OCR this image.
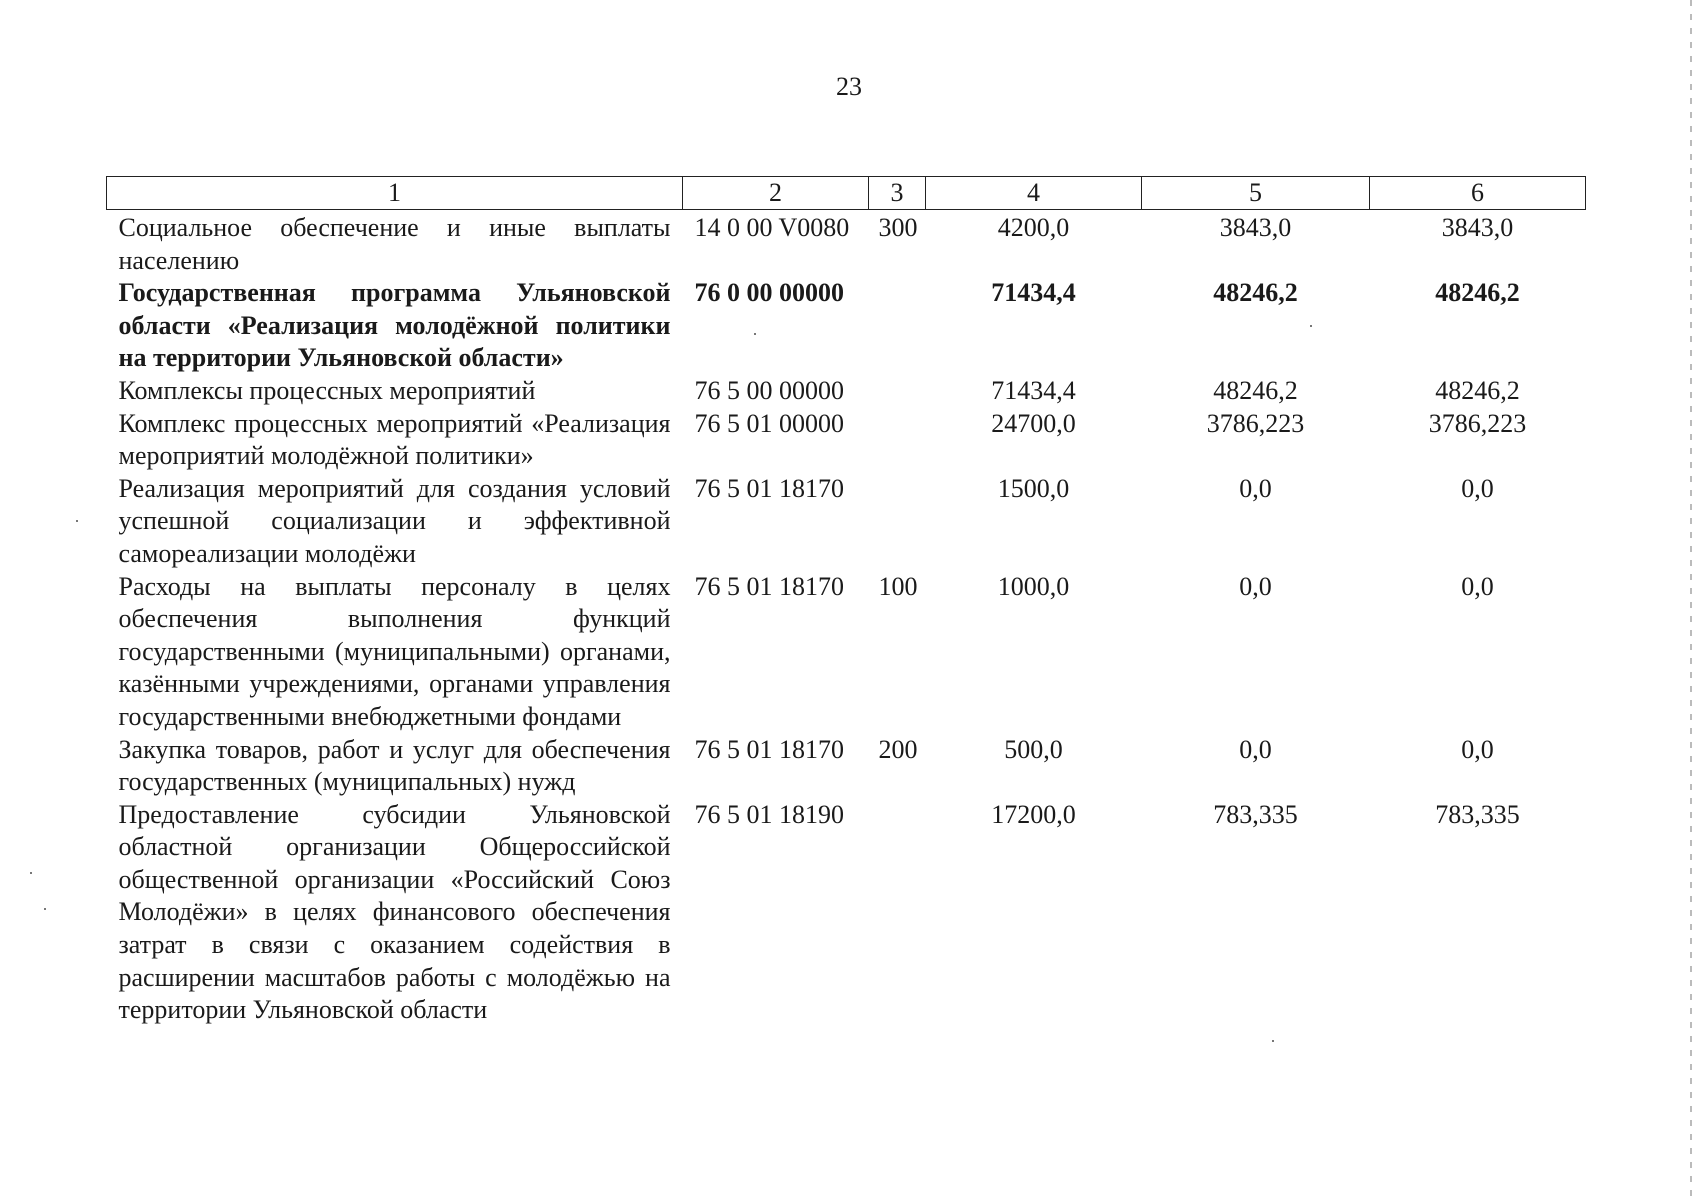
23
1	2	3	4	5	6
Социальное обеспечение и иные выплаты населению	14 0 00 V0080	300	4200,0	3843,0	3843,0
Государственная программа Ульяновской области «Реализация молодёжной политики на территории Ульяновской области»	76 0 00 00000		71434,4	48246,2	48246,2
Комплексы процессных мероприятий	76 5 00 00000		71434,4	48246,2	48246,2
Комплекс процессных мероприятий «Реализация мероприятий молодёжной политики»	76 5 01 00000		24700,0	3786,223	3786,223
Реализация мероприятий для создания условий успешной социализации и эффективной самореализации молодёжи	76 5 01 18170		1500,0	0,0	0,0
Расходы на выплаты персоналу в целях обеспечения выполнения функций государственными (муниципальными) органами, казёнными учреждениями, органами управления государственными внебюджетными фондами	76 5 01 18170	100	1000,0	0,0	0,0
Закупка товаров, работ и услуг для обеспечения государственных (муниципальных) нужд	76 5 01 18170	200	500,0	0,0	0,0
Предоставление субсидии Ульяновской областной организации Общероссийской общественной организации «Российский Союз Молодёжи» в целях финансового обеспечения затрат в связи с оказанием содействия в расширении масштабов работы с молодёжью на территории Ульяновской области	76 5 01 18190		17200,0	783,335	783,335
